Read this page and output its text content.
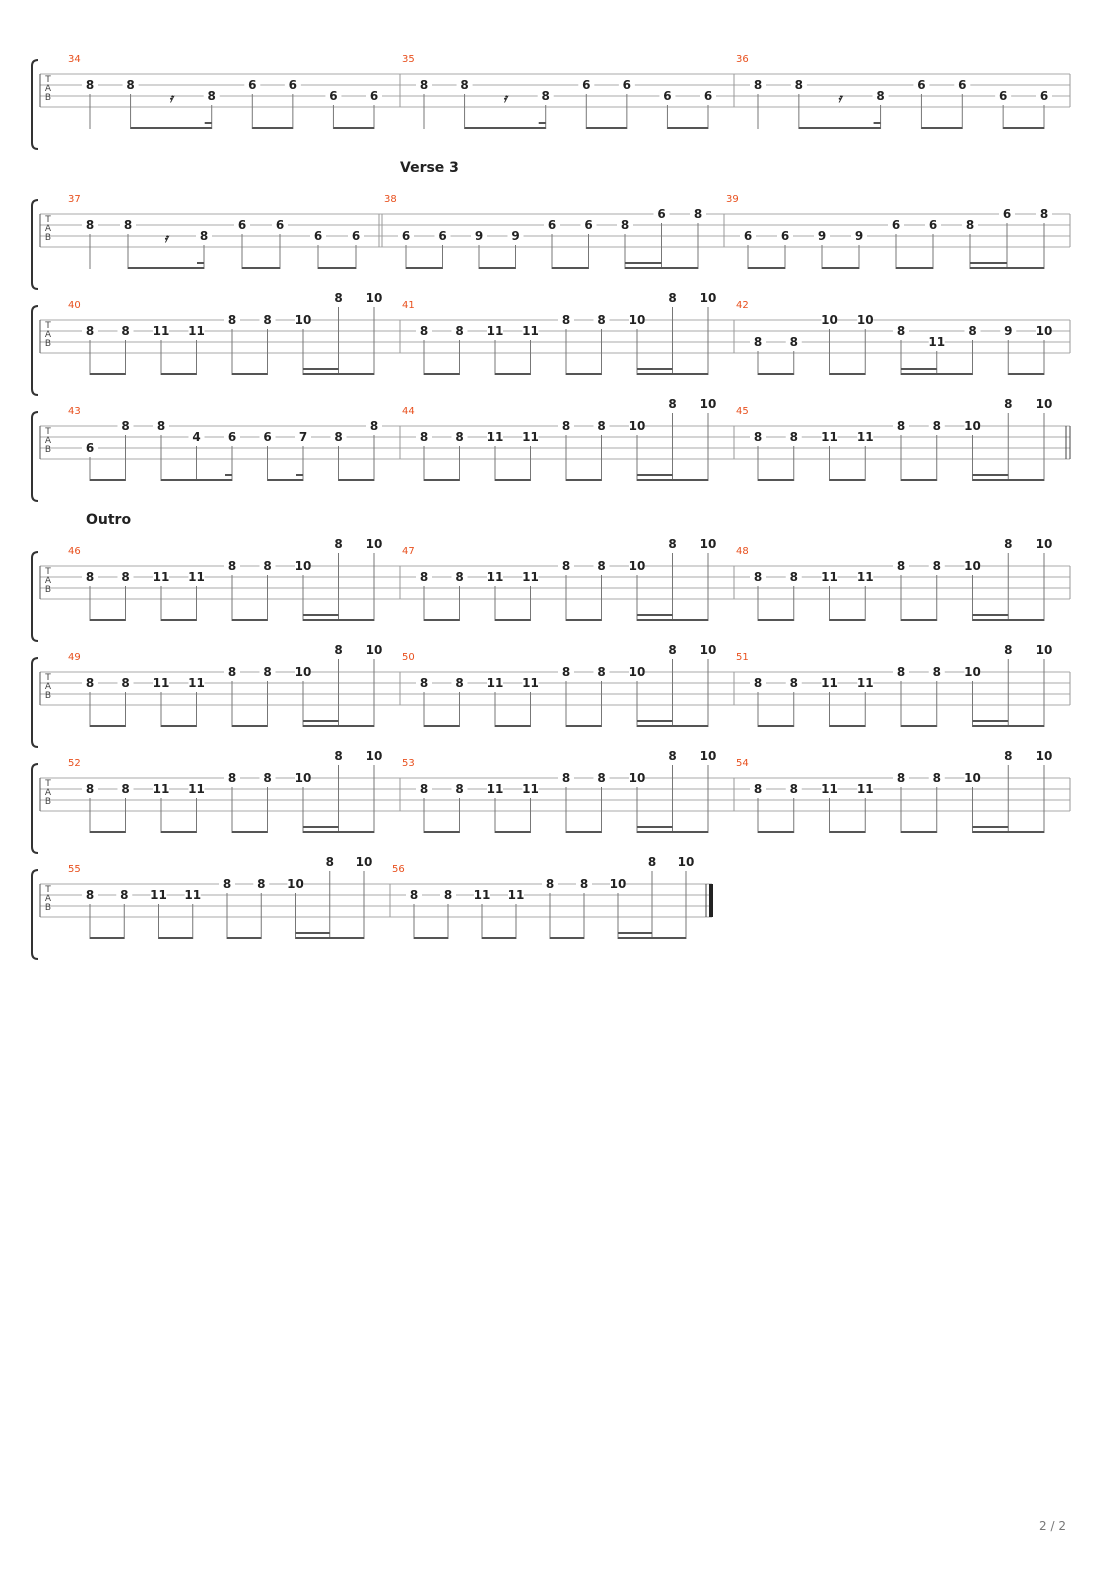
T
A
B
34
8	8
𝄿	8
6	6
6	6
35
8	8
𝄿	8
6	6
6	6
36
8	8
𝄿	8
6	6
6	6
T
A
B
Verse 3
37
8 8
𝄿	8
6 6
6 6
38
6 6 9 9
6 6 8
6 8
39
6 6 9 9
6 6 8
6 8
T
A
B
40
8 8 11 11
8 8 10
8 10
41
8 8 11 11
8 8 10
8 10
42
8 8
10 10
8
11
8 9 10
T
A
B
43
6
8 8
4 6 6 7 8
8
44
8 8 11 11
8 8 10
8 10
45
8 8 11 11
8 8 10
8 10
T
A
B
Outro
46
8 8 11 11
8 8 10
8 10
47
8 8 11 11
8 8 10
8 10
48
8 8 11 11
8 8 10
8 10
T
A
B
49
8 8 11 11
8 8 10
8 10
50
8 8 11 11
8 8 10
8 10
51
8 8 11 11
8 8 10
8 10
T
A
B
52
8 8 11 11
8 8 10
8 10
53
8 8 11 11
8 8 10
8 10
54
8 8 11 11
8 8 10
8 10
T
A
B
55
8 8 11 11
8 8 10
8 10
56
8 8 11 11
8 8 10
8 10
2 / 2
